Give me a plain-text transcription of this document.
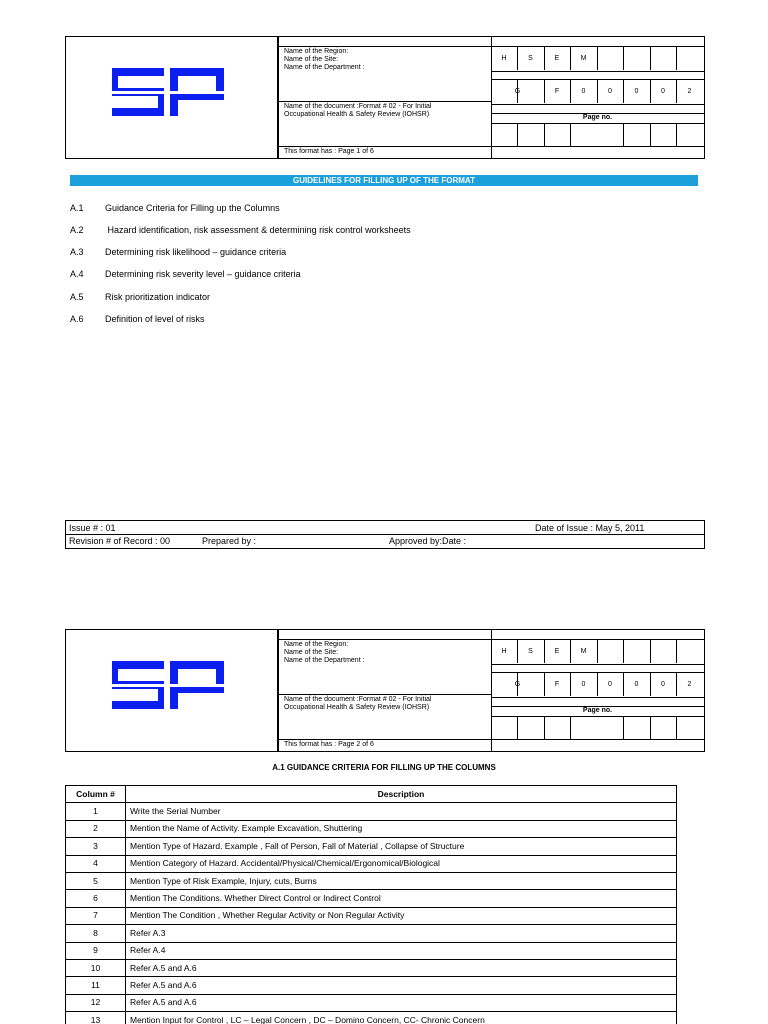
Name of the Region:
Name of the Site:
Name of the Department :
Name of the document :Format # 02 - For Initial
Occupational Health & Safety Review (IOHSR)
This format has : Page 1 of 6
H	S	E	M
G	F	0	0	0	0	2
Page no.
GUIDELINES FOR FILLING UP OF THE FORMAT
A.1 Guidance Criteria for Filling up the Columns
A.2 Hazard identification, risk assessment & determining risk control worksheets
A.3 Determining risk likelihood – guidance criteria
A.4 Determining risk severity level – guidance criteria
A.5 Risk prioritization indicator
A.6 Definition of level of risks
Issue # : 01	Date of Issue : May 5, 2011
Revision # of Record : 00	Prepared by :	Approved by:Date :
Name of the Region:
Name of the Site:
Name of the Department :
Name of the document :Format # 02 - For Initial
Occupational Health & Safety Review (IOHSR)
This format has : Page 2 of 6
H	S	E	M
G	F	0	0	0	0	2
Page no.
A.1 GUIDANCE CRITERIA FOR FILLING UP THE COLUMNS
Column #	Description
1	Write the Serial Number
2	Mention the Name of Activity. Example Excavation, Shuttering
3	Mention Type of Hazard. Example , Fall of Person, Fall of Material , Collapse of Structure
4	Mention Category of Hazard. Accidental/Physical/Chemical/Ergonomical/Biological
5	Mention Type of Risk Example, Injury, cuts, Burns
6	Mention The Conditions. Whether Direct Control or Indirect Control
7	Mention The Condition , Whether Regular Activity or Non Regular Activity
8	Refer A.3
9	Refer A.4
10	Refer A.5 and A.6
11	Refer A.5 and A.6
12	Refer A.5 and A.6
13	Mention Input for Control , LC – Legal Concern , DC – Domino Concern, CC- Chronic Concern
